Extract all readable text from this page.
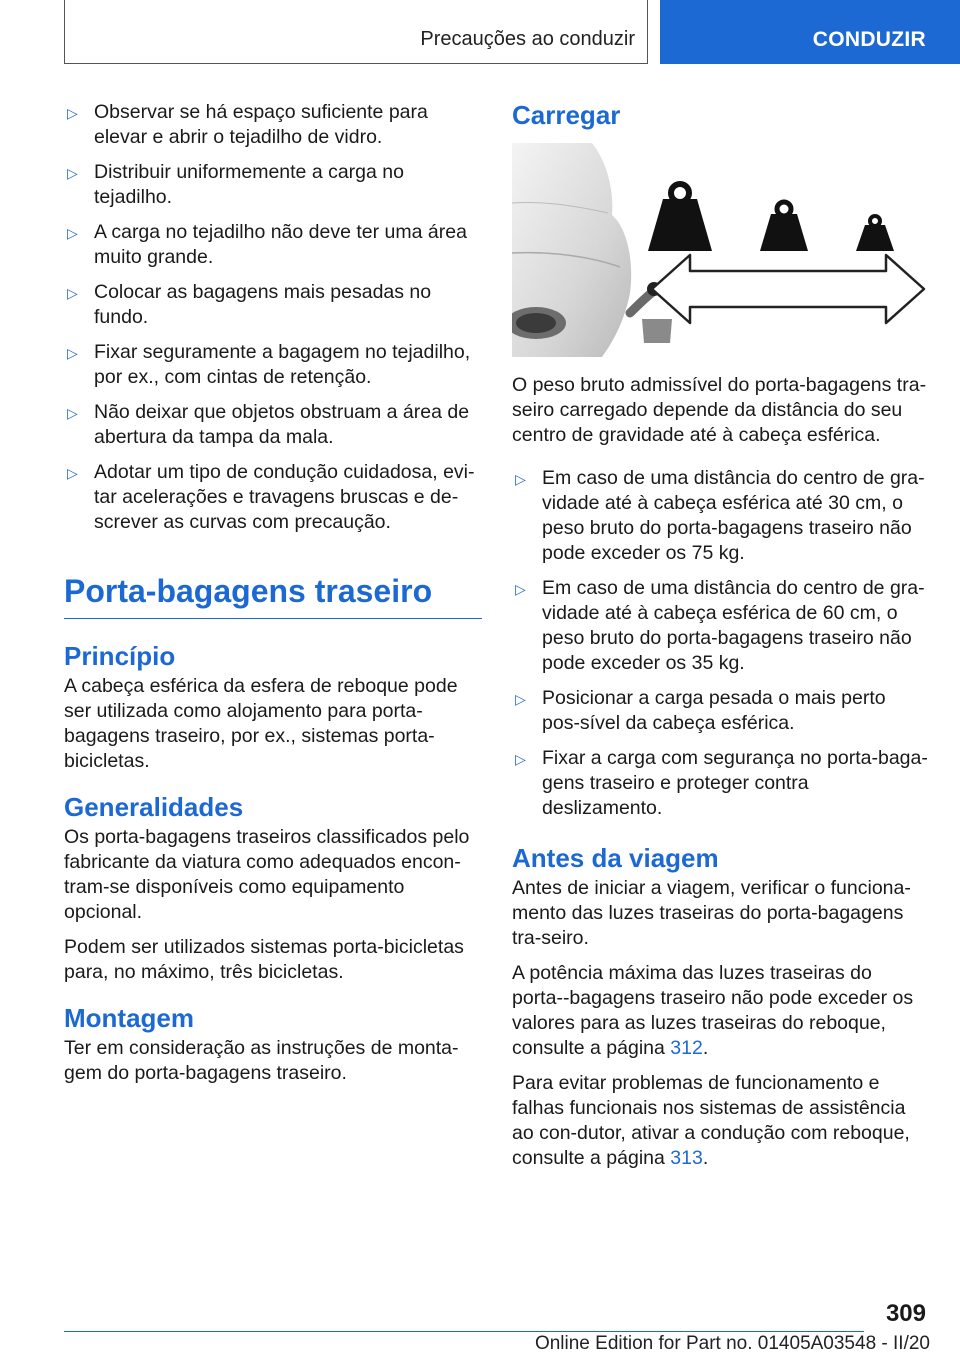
Precauções ao conduzir	CONDUZIR
▷ Observar se há espaço suficiente para elevar e abrir o tejadilho de vidro.
▷ Distribuir uniformemente a carga no tejadilho.
▷ A carga no tejadilho não deve ter uma área muito grande.
▷ Colocar as bagagens mais pesadas no fundo.
▷ Fixar seguramente a bagagem no tejadilho, por ex., com cintas de retenção.
▷ Não deixar que objetos obstruam a área de abertura da tampa da mala.
▷ Adotar um tipo de condução cuidadosa, evi-tar acelerações e travagens bruscas e de-screver as curvas com precaução.
Porta-bagagens traseiro
Princípio

A cabeça esférica da esfera de reboque pode ser utilizada como alojamento para porta-bagagens traseiro, por ex., sistemas porta-bicicletas.

Generalidades

Os porta-bagagens traseiros classificados pelo fabricante da viatura como adequados encon-tram-se disponíveis como equipamento opcional.

Podem ser utilizados sistemas porta-bicicletas para, no máximo, três bicicletas.

Montagem

Ter em consideração as instruções de monta-gem do porta-bagagens traseiro.

Carregar

O peso bruto admissível do porta-bagagens tra-seiro carregado depende da distância do seu centro de gravidade até à cabeça esférica.

▷ Em caso de uma distância do centro de gra-vidade até à cabeça esférica até 30 cm, o peso bruto do porta-bagagens traseiro não pode exceder os 75 kg.
▷ Em caso de uma distância do centro de gra-vidade até à cabeça esférica de 60 cm, o peso bruto do porta-bagagens traseiro não pode exceder os 35 kg.
▷ Posicionar a carga pesada o mais perto pos-sível da cabeça esférica.
▷ Fixar a carga com segurança no porta-baga-gens traseiro e proteger contra deslizamento.
Antes da viagem

Antes de iniciar a viagem, verificar o funciona-mento das luzes traseiras do porta-bagagens tra-seiro.

A potência máxima das luzes traseiras do porta--bagagens traseiro não pode exceder os valores para as luzes traseiras do reboque, consulte a página 312.

Para evitar problemas de funcionamento e falhas funcionais nos sistemas de assistência ao con-dutor, ativar a condução com reboque, consulte a página 313.

309
Online Edition for Part no. 01405A03548 - II/20
